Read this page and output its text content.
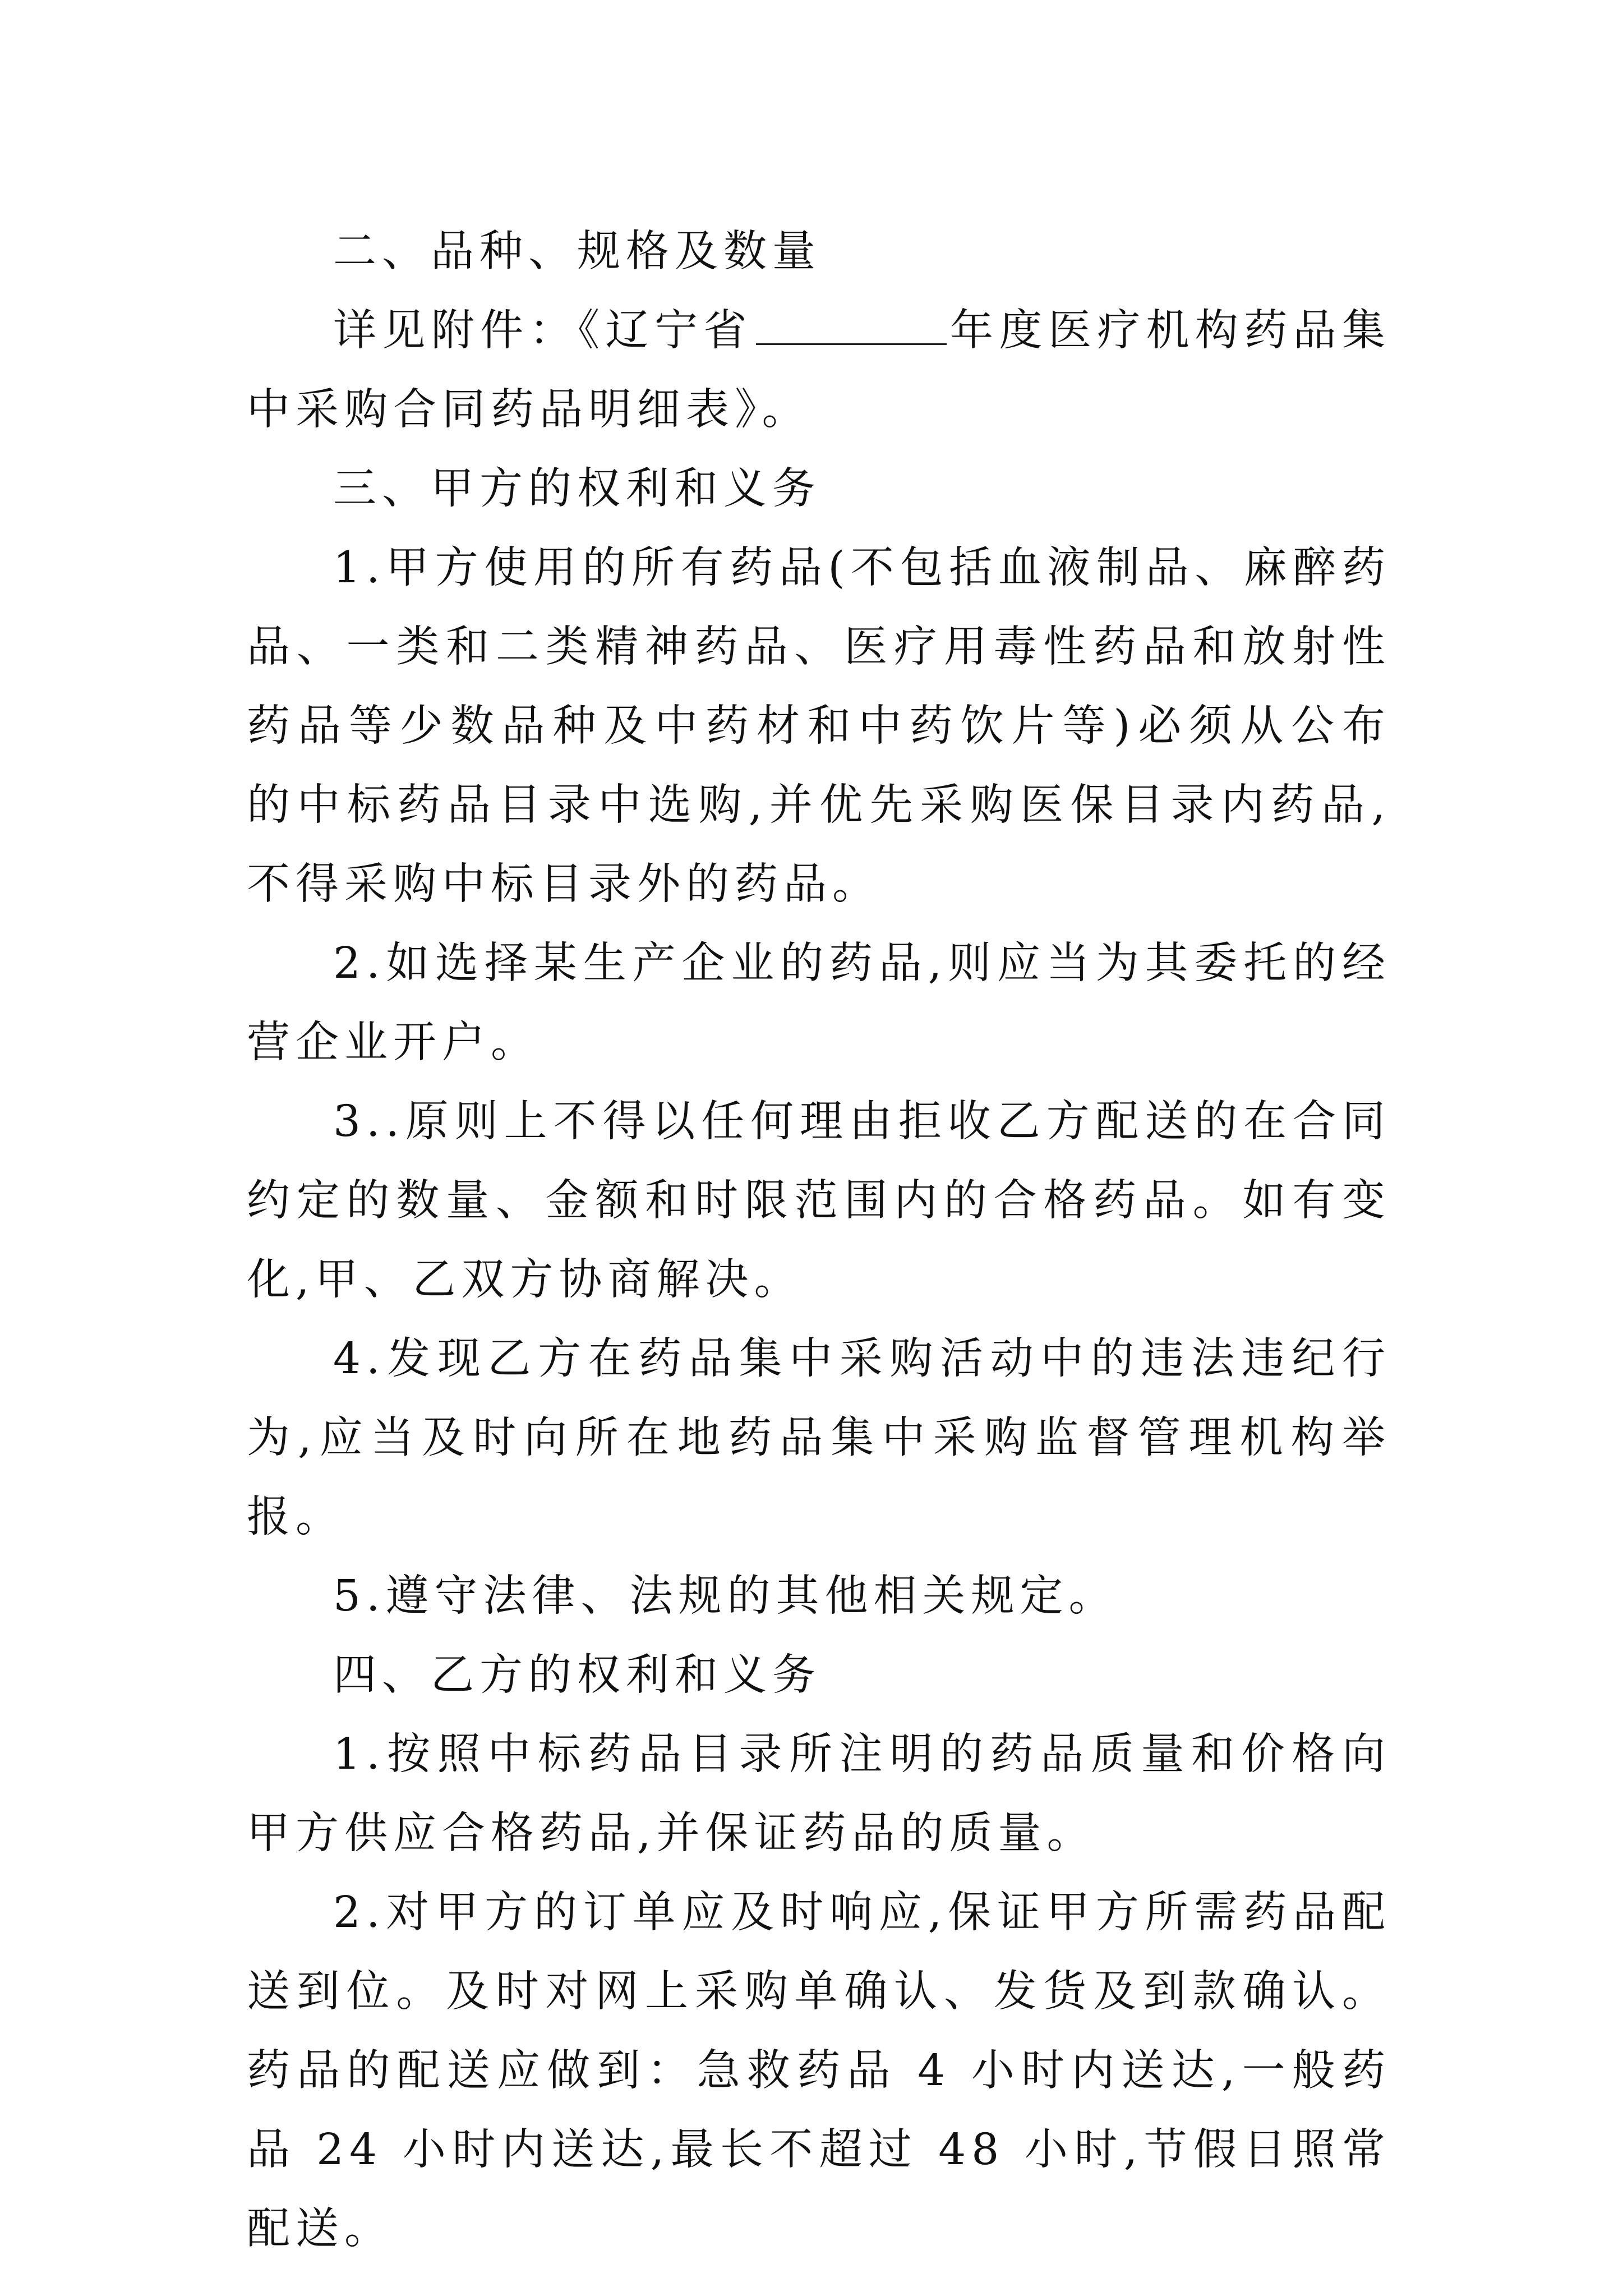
二、品种、规格及数量

详见附件：《辽宁省	年度医疗机构药品集中采购合同药品明细表》。

三、甲方的权利和义务

1.甲方使用的所有药品(不包括血液制品、麻醉药品、一类和二类精神药品、医疗用毒性药品和放射性药品等少数品种及中药材和中药饮片等)必须从公布的中标药品目录中选购,并优先采购医保目录内药品,不得采购中标目录外的药品。

2.如选择某生产企业的药品,则应当为其委托的经营企业开户。

3..原则上不得以任何理由拒收乙方配送的在合同约定的数量、金额和时限范围内的合格药品。如有变化,甲、乙双方协商解决。

4.发现乙方在药品集中采购活动中的违法违纪行为,应当及时向所在地药品集中采购监督管理机构举报。

5.遵守法律、法规的其他相关规定。

四、乙方的权利和义务

1.按照中标药品目录所注明的药品质量和价格向甲方供应合格药品,并保证药品的质量。

2.对甲方的订单应及时响应,保证甲方所需药品配送到位。及时对网上采购单确认、发货及到款确认。药品的配送应做到：急救药品 4 小时内送达,一般药品 24 小时内送达,最长不超过 48 小时,节假日照常配送。
